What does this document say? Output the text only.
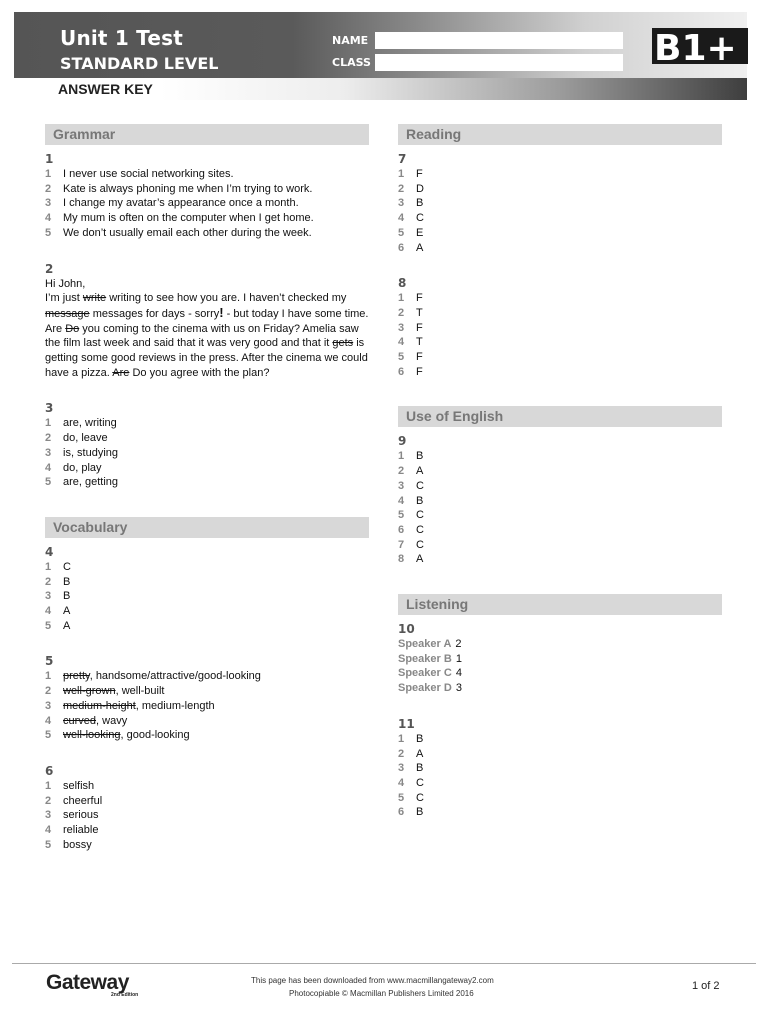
Unit 1 Test
STANDARD LEVEL
NAME
CLASS	B1+
ANSWER KEY
Grammar
1
1	I never use social networking sites.
2	Kate is always phoning me when I’m trying to work.
3	I change my avatar’s appearance once a month.
4	My mum is often on the computer when I get home.
5	We don’t usually email each other during the week.
2
Hi John,
I’m just write writing to see how you are. I haven’t checked my message messages for days - sorry! - but today I have some time. Are Do you coming to the cinema with us on Friday? Amelia saw the film last week and said that it was very good and that it gets is getting some good reviews in the press. After the cinema we could have a pizza. Are Do you agree with the plan?
3
1	are, writing
2	do, leave
3	is, studying
4	do, play
5	are, getting
Vocabulary
4
1	C
2	B
3	B
4	A
5	A
5
1	pretty, handsome/attractive/good-looking
2	well-grown, well-built
3	medium-height, medium-length
4	curved, wavy
5	well-looking, good-looking
6
1	selfish
2	cheerful
3	serious
4	reliable
5	bossy
Reading
7
1	F
2	D
3	B
4	C
5	E
6	A
8
1	F
2	T
3	F
4	T
5	F
6	F
Use of English
9
1	B
2	A
3	C
4	B
5	C
6	C
7	C
8	A
Listening
10
Speaker A 2
Speaker B 1
Speaker C 4
Speaker D 3
11
1	B
2	A
3	B
4	C
5	C
6	B
Gateway
2nd Edition
This page has been downloaded from www.macmillangateway2.com
Photocopiable © Macmillan Publishers Limited 2016
1 of 2
